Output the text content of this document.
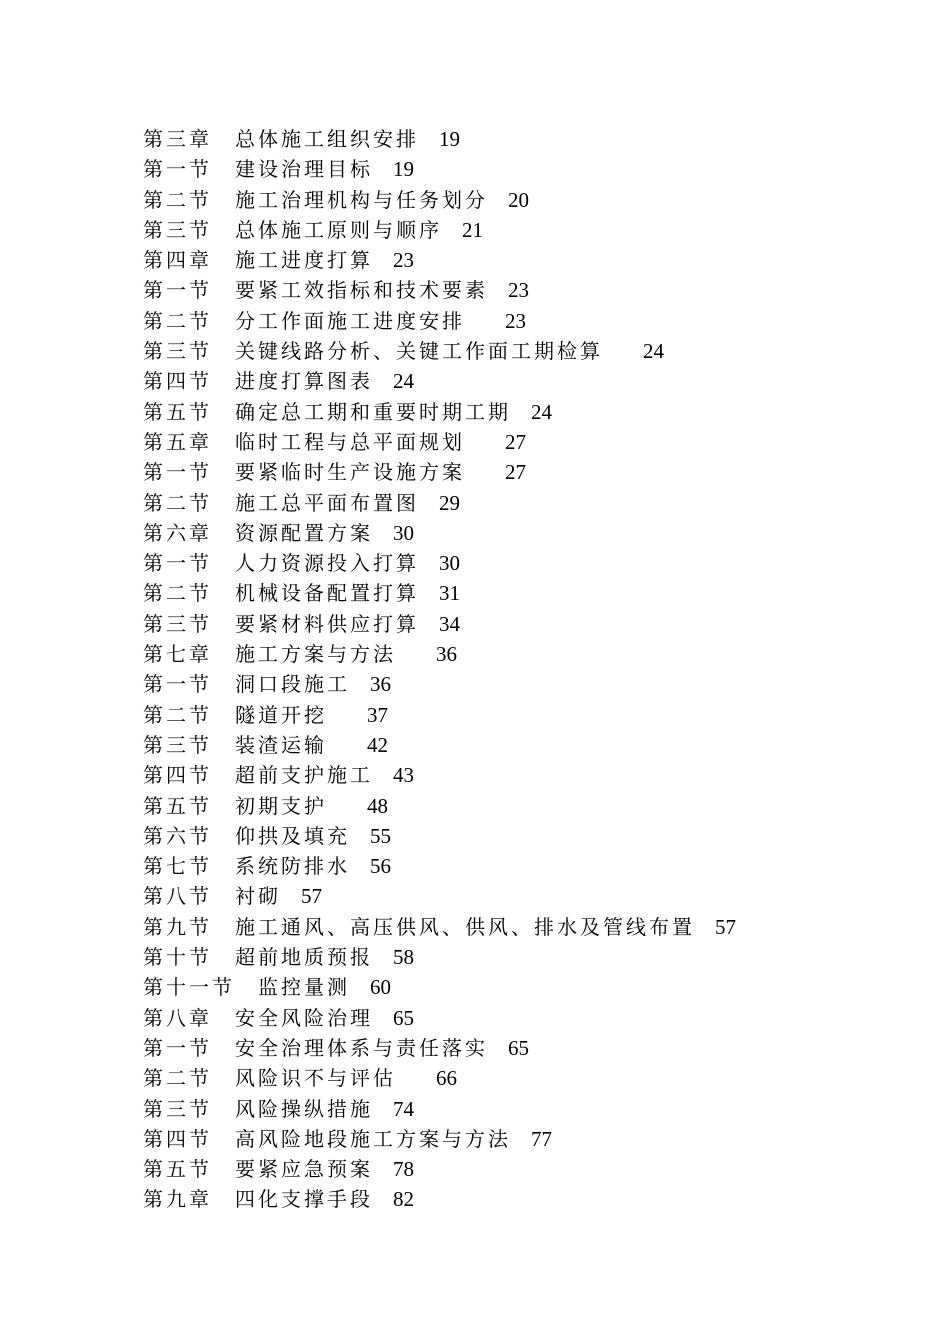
第三章　总体施工组织安排　 19
第一节　建设治理目标　 19
第二节　施工治理机构与任务划分　 20
第三节　总体施工原则与顺序　 21
第四章　施工进度打算　 23
第一节　要紧工效指标和技术要素　 23
第二节　分工作面施工进度安排　　 23
第三节　关键线路分析、关键工作面工期检算　　 24
第四节　进度打算图表　 24
第五节　确定总工期和重要时期工期　 24
第五章　临时工程与总平面规划　　 27
第一节　要紧临时生产设施方案　　 27
第二节　施工总平面布置图　 29
第六章　资源配置方案　 30
第一节　人力资源投入打算　 30
第二节　机械设备配置打算　 31
第三节　要紧材料供应打算　 34
第七章　施工方案与方法　　 36
第一节　洞口段施工　 36
第二节　隧道开挖　　 37
第三节　装渣运输　　 42
第四节　超前支护施工　 43
第五节　初期支护　　 48
第六节　仰拱及填充　 55
第七节　系统防排水　 56
第八节　衬砌　 57
第九节　施工通风、高压供风、供风、排水及管线布置　 57
第十节　超前地质预报　 58
第十一节　监控量测　 60
第八章　安全风险治理　 65
第一节　安全治理体系与责任落实　 65
第二节　风险识不与评估　　 66
第三节　风险操纵措施　 74
第四节　高风险地段施工方案与方法　 77
第五节　要紧应急预案　 78
第九章　四化支撑手段　 82
